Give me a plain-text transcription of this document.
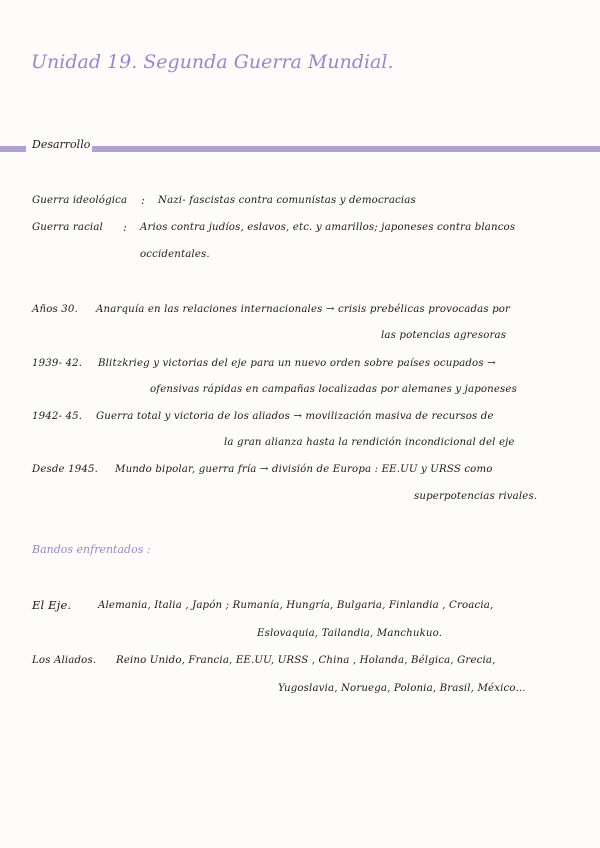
Unidad 19. Segunda Guerra Mundial.
Desarrollo
Guerra ideológica : Nazi- fascistas contra comunistas y democracias
Guerra racial : Arios contra judíos, eslavos, etc. y amarillos; japoneses contra blancos
occidentales.
Años 30. Anarquía en las relaciones internacionales → crisis prebélicas provocadas por
las potencias agresoras
1939- 42. Blitzkrieg y victorias del eje para un nuevo orden sobre países ocupados →
ofensivas rápidas en campañas localizadas por alemanes y japoneses
1942- 45. Guerra total y victoria de los aliados → movilización masiva de recursos de
la gran alianza hasta la rendición incondicional del eje
Desde 1945. Mundo bipolar, guerra fría → división de Europa : EE.UU y URSS como
superpotencias rivales.
Bandos enfrentados :
El Eje.	Alemania, Italia , Japón ; Rumanía, Hungría, Bulgaria, Finlandia , Croacia,
Eslovaquia, Tailandia, Manchukuo.
Los Aliados. Reino Unido, Francia, EE.UU, URSS , China , Holanda, Bélgica, Grecia,
Yugoslavia, Noruega, Polonia, Brasil, México...
